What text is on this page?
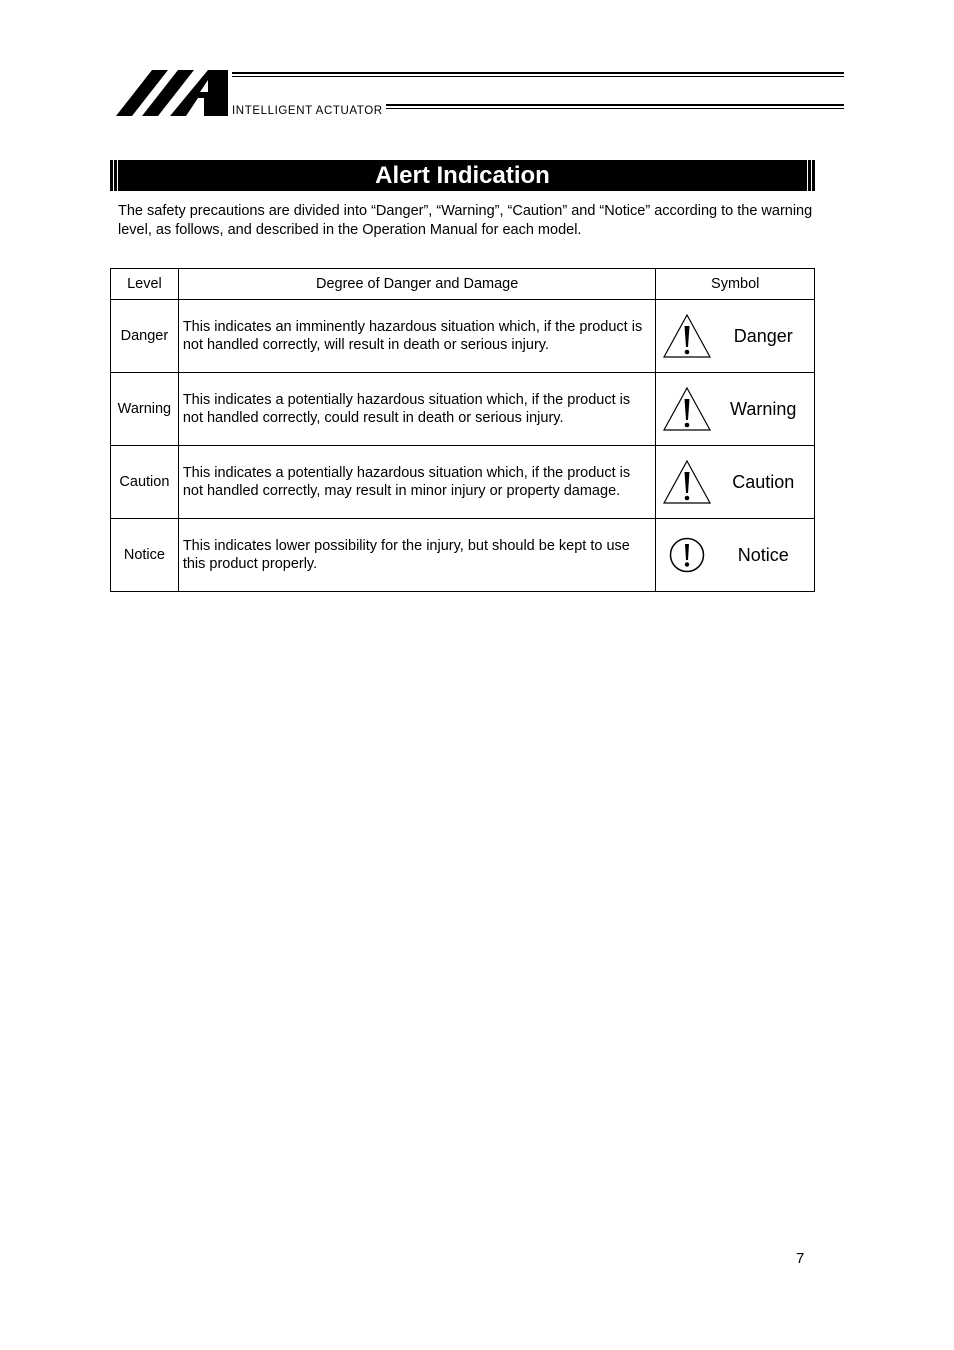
INTELLIGENT ACTUATOR
Alert Indication
The safety precautions are divided into “Danger”, “Warning”, “Caution” and “Notice” according to the warning level, as follows, and described in the Operation Manual for each model.
Level	Degree of Danger and Damage	Symbol
Danger	This indicates an imminently hazardous situation which, if the product is not handled correctly, will result in death or serious injury.	Danger

Warning	This indicates a potentially hazardous situation which, if the product is not handled correctly, could result in death or serious injury.	Warning

Caution	This indicates a potentially hazardous situation which, if the product is not handled correctly, may result in minor injury or property damage.	Caution

Notice	This indicates lower possibility for the injury, but should be kept to use this product properly.	Notice
7
